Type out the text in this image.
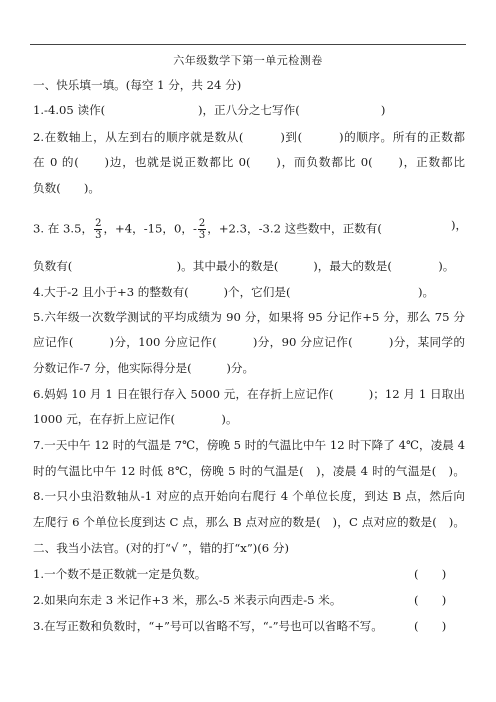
六年级数学下第一单元检测卷
一、快乐填一填。(每空 1 分，共 24 分)
1.-4.05 读作(　　　　　　　　)，正八分之七写作(　　　　　　　)
2.在数轴上，从左到右的顺序就是数从(　　　)到(　　　)的顺序。所有的正数都
在 0 的(　　)边，也就是说正数都比 0(　　)，而负数都比 0(　　)，正数都比
负数(　　)。
3. 在 3.5， $\frac{2}{3}$ ，+4，-15，0，- $\frac{2}{3}$ ，+2.3，-3.2 这些数中，正数有(	)，
负数有(　　　　　　　　　)。其中最小的数是(　　　)，最大的数是(　　　　)。
4.大于-2 且小于+3 的整数有(　　　)个，它们是(　　　　　　　　　　　)。
5.六年级一次数学测试的平均成绩为 90 分，如果将 95 分记作+5 分，那么 75 分
应记作(　　　)分，100 分应记作(　　　)分，90 分应记作(　　　)分，某同学的
分数记作-7 分，他实际得分是(　　　)分。
6.妈妈 10 月 1 日在银行存入 5000 元，在存折上应记作(　　　)；12 月 1 日取出
1000 元，在存折上应记作(　　　　)。
7.一天中午 12 时的气温是 7℃，傍晚 5 时的气温比中午 12 时下降了 4℃，凌晨 4
时的气温比中午 12 时低 8℃，傍晚 5 时的气温是(　)，凌晨 4 时的气温是(　)。
8.一只小虫沿数轴从-1 对应的点开始向右爬行 4 个单位长度，到达 B 点，然后向
左爬行 6 个单位长度到达 C 点，那么 B 点对应的数是(　)，C 点对应的数是(　)。
二、我当小法官。(对的打“√ ”，错的打“x”)(6 分)
1.一个数不是正数就一定是负数。	(　　)
2.如果向东走 3 米记作+3 米，那么-5 米表示向西走-5 米。	(　　)
3.在写正数和负数时，“+”号可以省略不写，“-”号也可以省略不写。	(　　)
